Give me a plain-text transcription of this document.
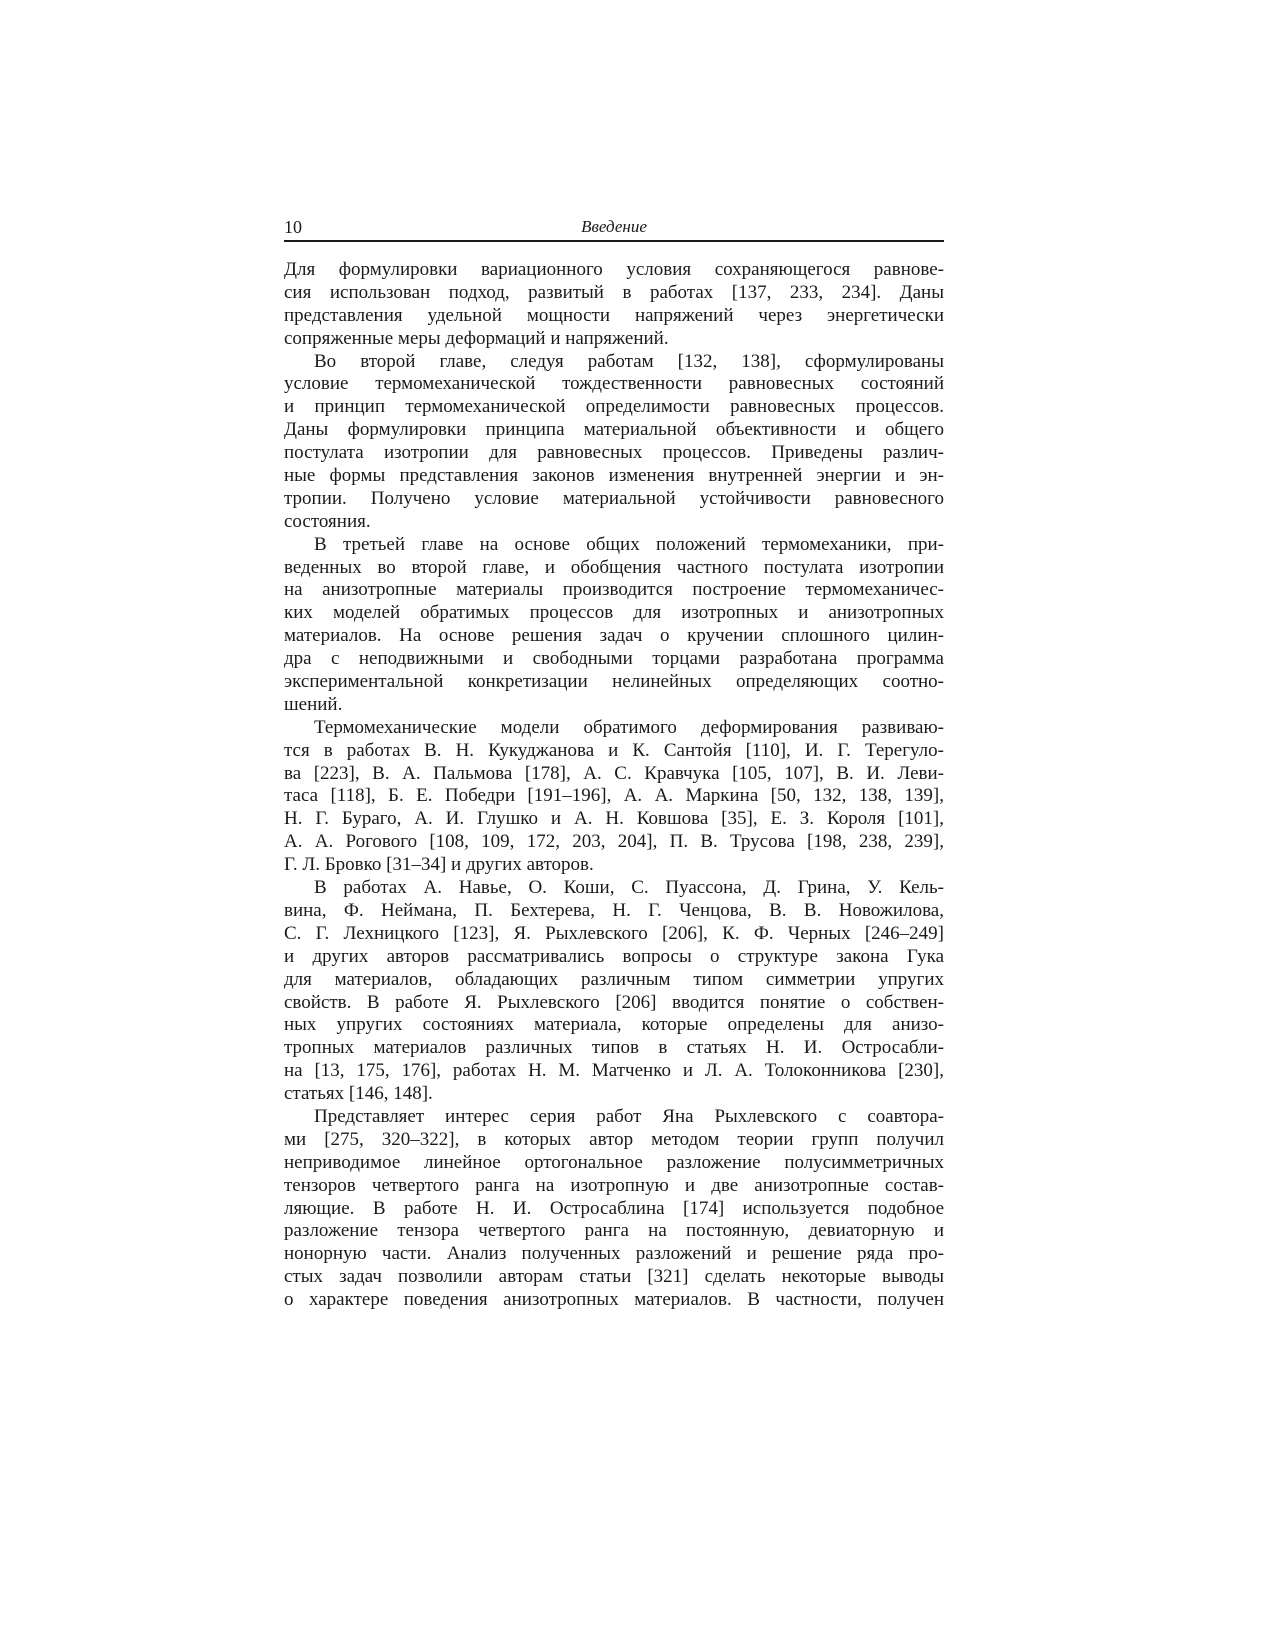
10	Введение

Для формулировки вариационного условия сохраняющегося равнове-
сия использован подход, развитый в работах [137, 233, 234]. Даны
представления удельной мощности напряжений через энергетически
сопряженные меры деформаций и напряжений.

Во второй главе, следуя работам [132, 138], сформулированы
условие термомеханической тождественности равновесных состояний
и принцип термомеханической определимости равновесных процессов.
Даны формулировки принципа материальной объективности и общего
постулата изотропии для равновесных процессов. Приведены различ-
ные формы представления законов изменения внутренней энергии и эн-
тропии. Получено условие материальной устойчивости равновесного
состояния.

В третьей главе на основе общих положений термомеханики, при-
веденных во второй главе, и обобщения частного постулата изотропии
на анизотропные материалы производится построение термомеханичес-
ких моделей обратимых процессов для изотропных и анизотропных
материалов. На основе решения задач о кручении сплошного цилин-
дра с неподвижными и свободными торцами разработана программа
экспериментальной конкретизации нелинейных определяющих соотно-
шений.

Термомеханические модели обратимого деформирования развиваю-
тся в работах В. Н. Кукуджанова и К. Сантойя [110], И. Г. Терегуло-
ва [223], В. А. Пальмова [178], А. С. Кравчука [105, 107], В. И. Леви-
таса [118], Б. Е. Победри [191–196], А. А. Маркина [50, 132, 138, 139],
Н. Г. Бураго, А. И. Глушко и А. Н. Ковшова [35], Е. З. Короля [101],
А. А. Рогового [108, 109, 172, 203, 204], П. В. Трусова [198, 238, 239],
Г. Л. Бровко [31–34] и других авторов.

В работах А. Навье, О. Коши, С. Пуассона, Д. Грина, У. Кель-
вина, Ф. Неймана, П. Бехтерева, Н. Г. Ченцова, В. В. Новожилова,
С. Г. Лехницкого [123], Я. Рыхлевского [206], К. Ф. Черных [246–249]
и других авторов рассматривались вопросы о структуре закона Гука
для материалов, обладающих различным типом симметрии упругих
свойств. В работе Я. Рыхлевского [206] вводится понятие о собствен-
ных упругих состояниях материала, которые определены для анизо-
тропных материалов различных типов в статьях Н. И. Остросабли-
на [13, 175, 176], работах Н. М. Матченко и Л. А. Толоконникова [230],
статьях [146, 148].

Представляет интерес серия работ Яна Рыхлевского с соавтора-
ми [275, 320–322], в которых автор методом теории групп получил
неприводимое линейное ортогональное разложение полусимметричных
тензоров четвертого ранга на изотропную и две анизотропные состав-
ляющие. В работе Н. И. Остросаблина [174] используется подобное
разложение тензора четвертого ранга на постоянную, девиаторную и
нонорную части. Анализ полученных разложений и решение ряда про-
стых задач позволили авторам статьи [321] сделать некоторые выводы
о характере поведения анизотропных материалов. В частности, получен
